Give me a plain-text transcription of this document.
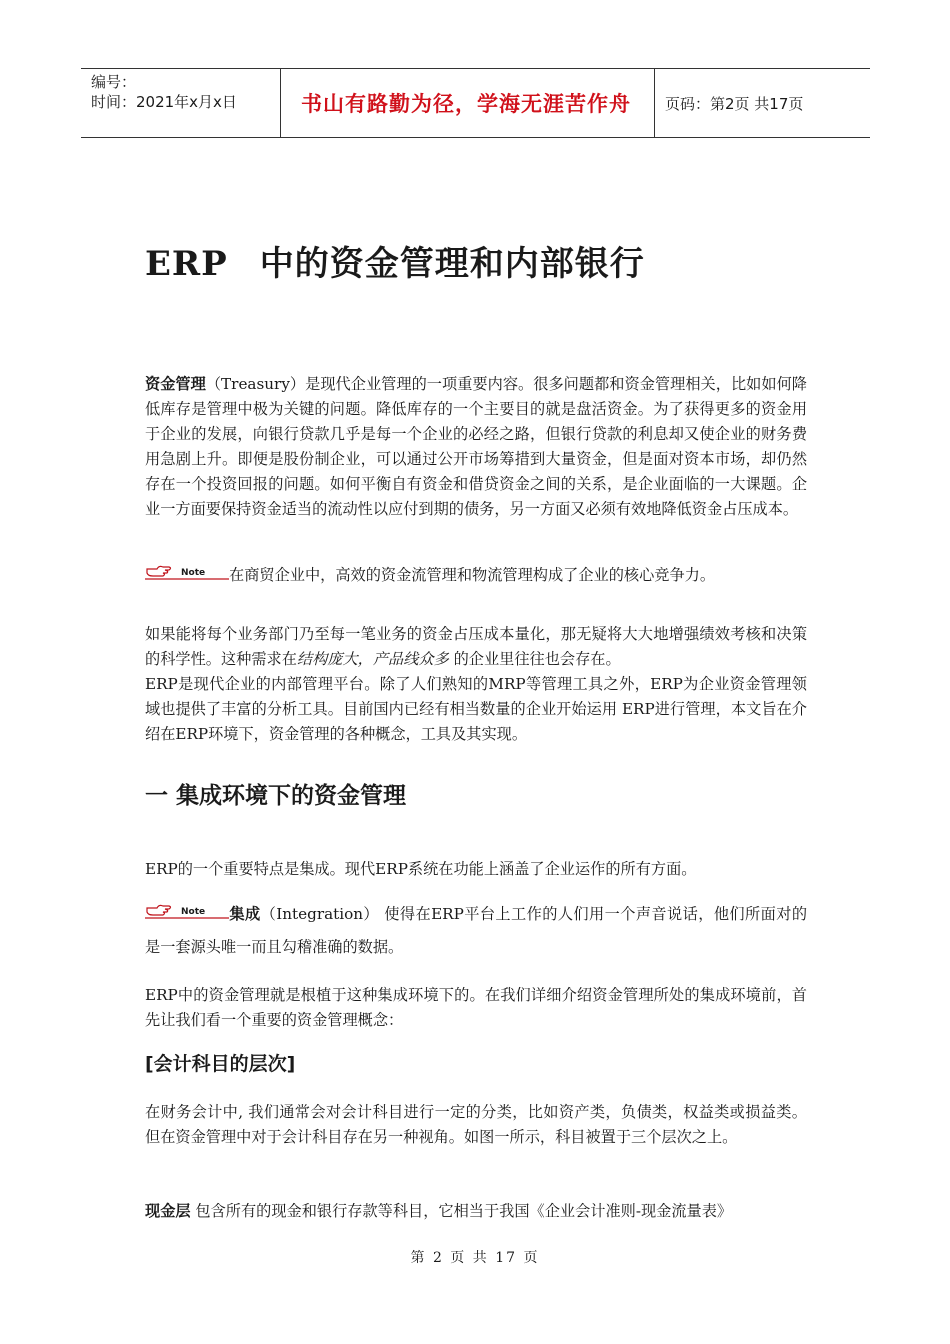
编号：
时间：2021年x月x日	书山有路勤为径，学海无涯苦作舟	页码：第2页 共17页
ERP 中的资金管理和内部银行
资金管理（Treasury）是现代企业管理的一项重要内容。很多问题都和资金管理相关，比如如何降低库存是管理中极为关键的问题。降低库存的一个主要目的就是盘活资金。为了获得更多的资金用于企业的发展，向银行贷款几乎是每一个企业的必经之路，但银行贷款的利息却又使企业的财务费用急剧上升。即便是股份制企业，可以通过公开市场筹措到大量资金，但是面对资本市场，却仍然存在一个投资回报的问题。如何平衡自有资金和借贷资金之间的关系，是企业面临的一大课题。企业一方面要保持资金适当的流动性以应付到期的债务，另一方面又必须有效地降低资金占压成本。
Note 在商贸企业中，高效的资金流管理和物流管理构成了企业的核心竞争力。
如果能将每个业务部门乃至每一笔业务的资金占压成本量化，那无疑将大大地增强绩效考核和决策的科学性。这种需求在结构庞大，产品线众多 的企业里往往也会存在。
ERP是现代企业的内部管理平台。除了人们熟知的MRP等管理工具之外，ERP为企业资金管理领域也提供了丰富的分析工具。目前国内已经有相当数量的企业开始运用 ERP进行管理，本文旨在介绍在ERP环境下，资金管理的各种概念，工具及其实现。
一 集成环境下的资金管理
ERP的一个重要特点是集成。现代ERP系统在功能上涵盖了企业运作的所有方面。
Note 集成（Integration） 使得在ERP平台上工作的人们用一个声音说话，他们所面对的是一套源头唯一而且勾稽准确的数据。
ERP中的资金管理就是根植于这种集成环境下的。在我们详细介绍资金管理所处的集成环境前，首先让我们看一个重要的资金管理概念：
[会计科目的层次]
在财务会计中, 我们通常会对会计科目进行一定的分类，比如资产类，负债类，权益类或损益类。但在资金管理中对于会计科目存在另一种视角。如图一所示，科目被置于三个层次之上。
现金层 包含所有的现金和银行存款等科目，它相当于我国《企业会计准则-现金流量表》
第 2 页 共 17 页
